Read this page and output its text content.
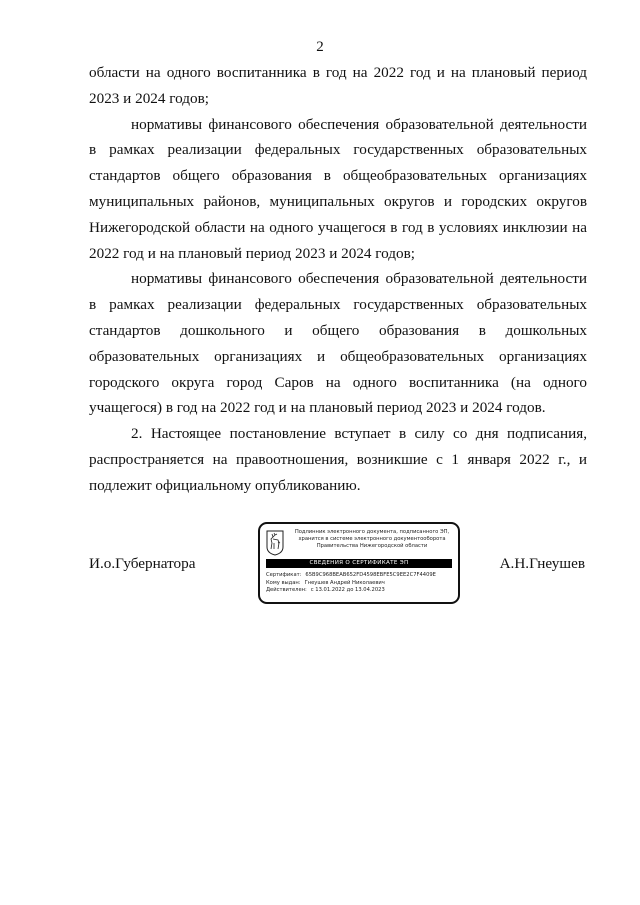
2

области на одного воспитанника в год на 2022 год и на плановый период 2023 и 2024 годов;

нормативы финансового обеспечения образовательной деятельности в рамках реализации федеральных государственных образовательных стандартов общего образования в общеобразовательных организациях муниципальных районов, муниципальных округов и городских округов Нижегородской области на одного учащегося в год в условиях инклюзии на 2022 год и на плановый период 2023 и 2024 годов;

нормативы финансового обеспечения образовательной деятельности в рамках реализации федеральных государственных образовательных стандартов дошкольного и общего образования в дошкольных образовательных организациях и общеобразовательных организациях городского округа город Саров на одного воспитанника (на одного учащегося) в год на 2022 год и на плановый период 2023 и 2024 годов.

2. Настоящее постановление вступает в силу со дня подписания, распространяется на правоотношения, возникшие с 1 января 2022 г., и подлежит официальному опубликованию.

И.о.Губернатора
Подлинник электронного документа, подписанного ЭП,
хранится в системе электронного документооборота
Правительства Нижегородской области
СВЕДЕНИЯ О СЕРТИФИКАТЕ ЭП
Сертификат: 65B9C968BEAB652FD4598EBFE5C9EE2C7F4409E
Кому выдан: Гнеушев Андрей Николаевич
Действителен: с 13.01.2022 до 13.04.2023
А.Н.Гнеушев
